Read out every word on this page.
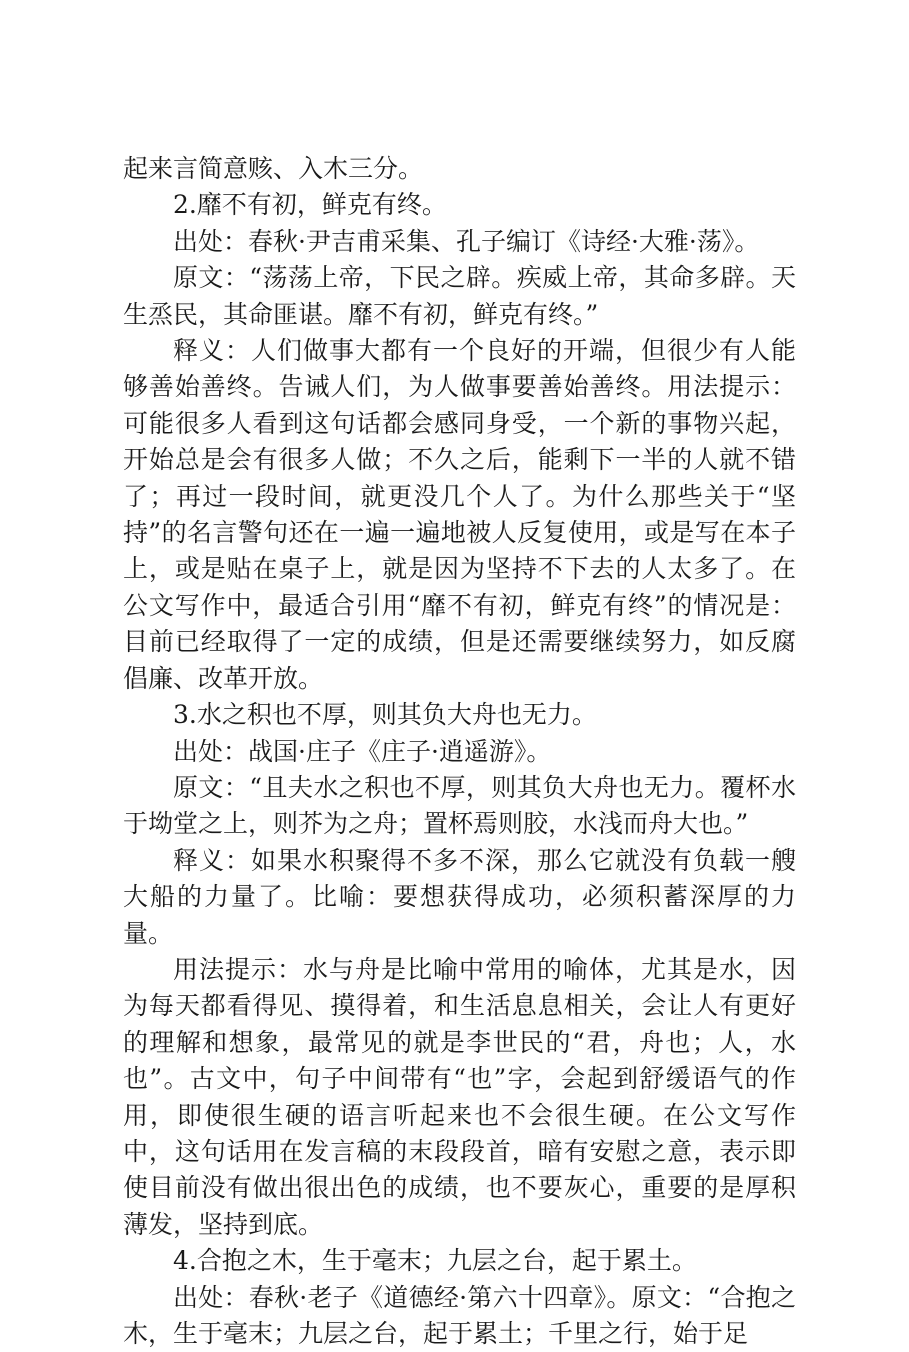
起来言简意赅、入木三分。

2.靡不有初，鲜克有终。

出处：春秋·尹吉甫采集、孔子编订《诗经·大雅·荡》。

原文：“荡荡上帝，下民之辟。疾威上帝，其命多辟。天生烝民，其命匪谌。靡不有初，鲜克有终。”

释义：人们做事大都有一个良好的开端，但很少有人能够善始善终。告诫人们，为人做事要善始善终。用法提示：可能很多人看到这句话都会感同身受，一个新的事物兴起，开始总是会有很多人做；不久之后，能剩下一半的人就不错了；再过一段时间，就更没几个人了。为什么那些关于“坚持”的名言警句还在一遍一遍地被人反复使用，或是写在本子上，或是贴在桌子上，就是因为坚持不下去的人太多了。在公文写作中，最适合引用“靡不有初，鲜克有终”的情况是：目前已经取得了一定的成绩，但是还需要继续努力，如反腐倡廉、改革开放。

3.水之积也不厚，则其负大舟也无力。

出处：战国·庄子《庄子·逍遥游》。

原文：“且夫水之积也不厚，则其负大舟也无力。覆杯水于坳堂之上，则芥为之舟；置杯焉则胶，水浅而舟大也。”

释义：如果水积聚得不多不深，那么它就没有负载一艘大船的力量了。比喻：要想获得成功，必须积蓄深厚的力量。

用法提示：水与舟是比喻中常用的喻体，尤其是水，因为每天都看得见、摸得着，和生活息息相关，会让人有更好的理解和想象，最常见的就是李世民的“君，舟也；人，水也”。古文中，句子中间带有“也”字，会起到舒缓语气的作用，即使很生硬的语言听起来也不会很生硬。在公文写作中，这句话用在发言稿的末段段首，暗有安慰之意，表示即使目前没有做出很出色的成绩，也不要灰心，重要的是厚积薄发，坚持到底。

4.合抱之木，生于毫末；九层之台，起于累土。

出处：春秋·老子《道德经·第六十四章》。原文：“合抱之木，生于毫末；九层之台，起于累土；千里之行，始于足
